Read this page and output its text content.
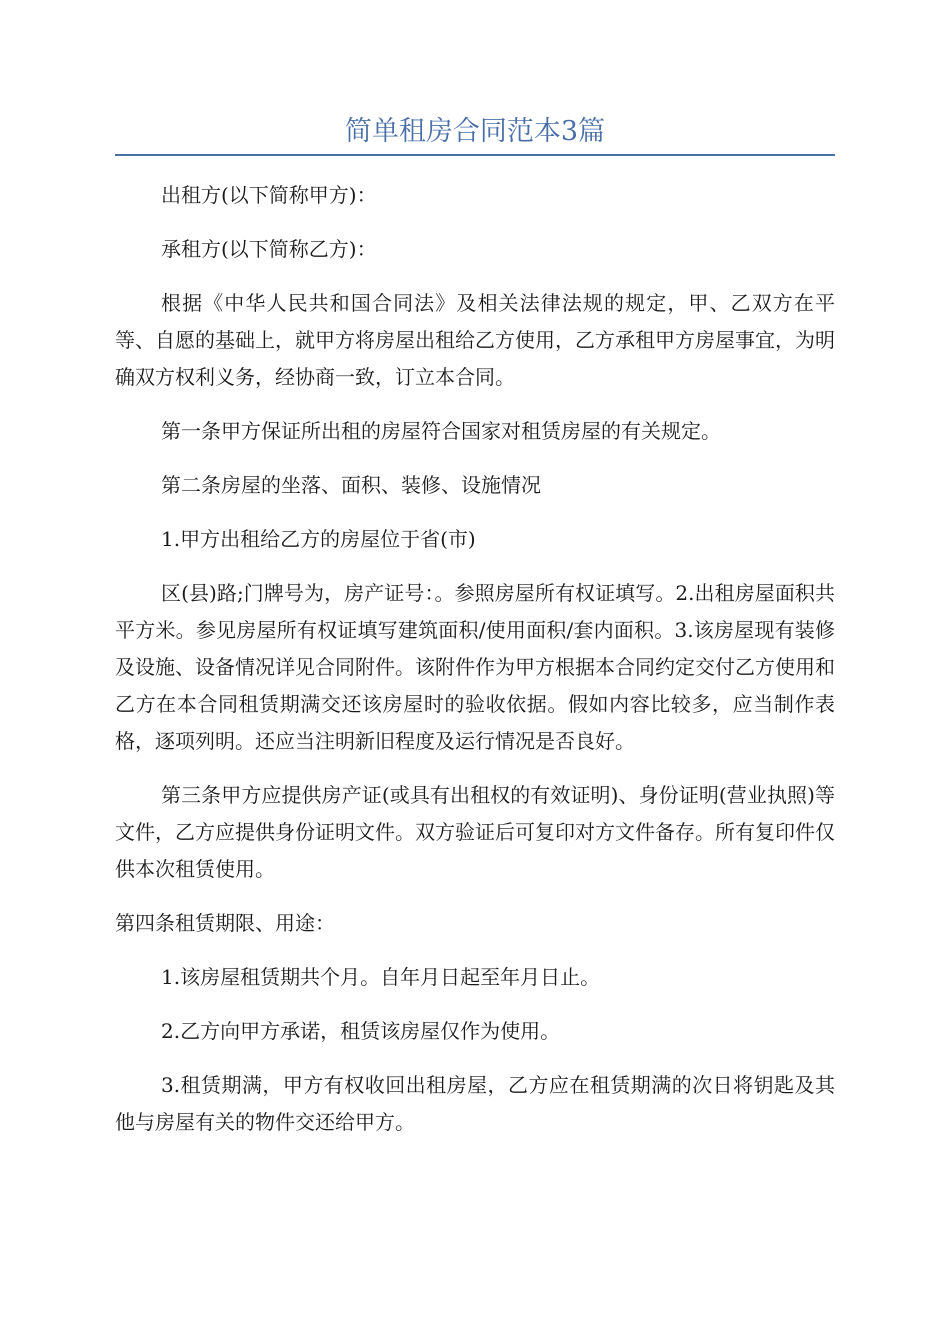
简单租房合同范本3篇

出租方(以下简称甲方)：

承租方(以下简称乙方)：

根据《中华人民共和国合同法》及相关法律法规的规定，甲、乙双方在平等、自愿的基础上，就甲方将房屋出租给乙方使用，乙方承租甲方房屋事宜，为明确双方权利义务，经协商一致，订立本合同。

第一条甲方保证所出租的房屋符合国家对租赁房屋的有关规定。

第二条房屋的坐落、面积、装修、设施情况

1.甲方出租给乙方的房屋位于省(市)

区(县)路;门牌号为，房产证号：。参照房屋所有权证填写。2.出租房屋面积共平方米。参见房屋所有权证填写建筑面积/使用面积/套内面积。3.该房屋现有装修及设施、设备情况详见合同附件。该附件作为甲方根据本合同约定交付乙方使用和乙方在本合同租赁期满交还该房屋时的验收依据。假如内容比较多，应当制作表格，逐项列明。还应当注明新旧程度及运行情况是否良好。

第三条甲方应提供房产证(或具有出租权的有效证明)、身份证明(营业执照)等文件，乙方应提供身份证明文件。双方验证后可复印对方文件备存。所有复印件仅供本次租赁使用。

第四条租赁期限、用途：

1.该房屋租赁期共个月。自年月日起至年月日止。

2.乙方向甲方承诺，租赁该房屋仅作为使用。

3.租赁期满，甲方有权收回出租房屋，乙方应在租赁期满的次日将钥匙及其他与房屋有关的物件交还给甲方。
